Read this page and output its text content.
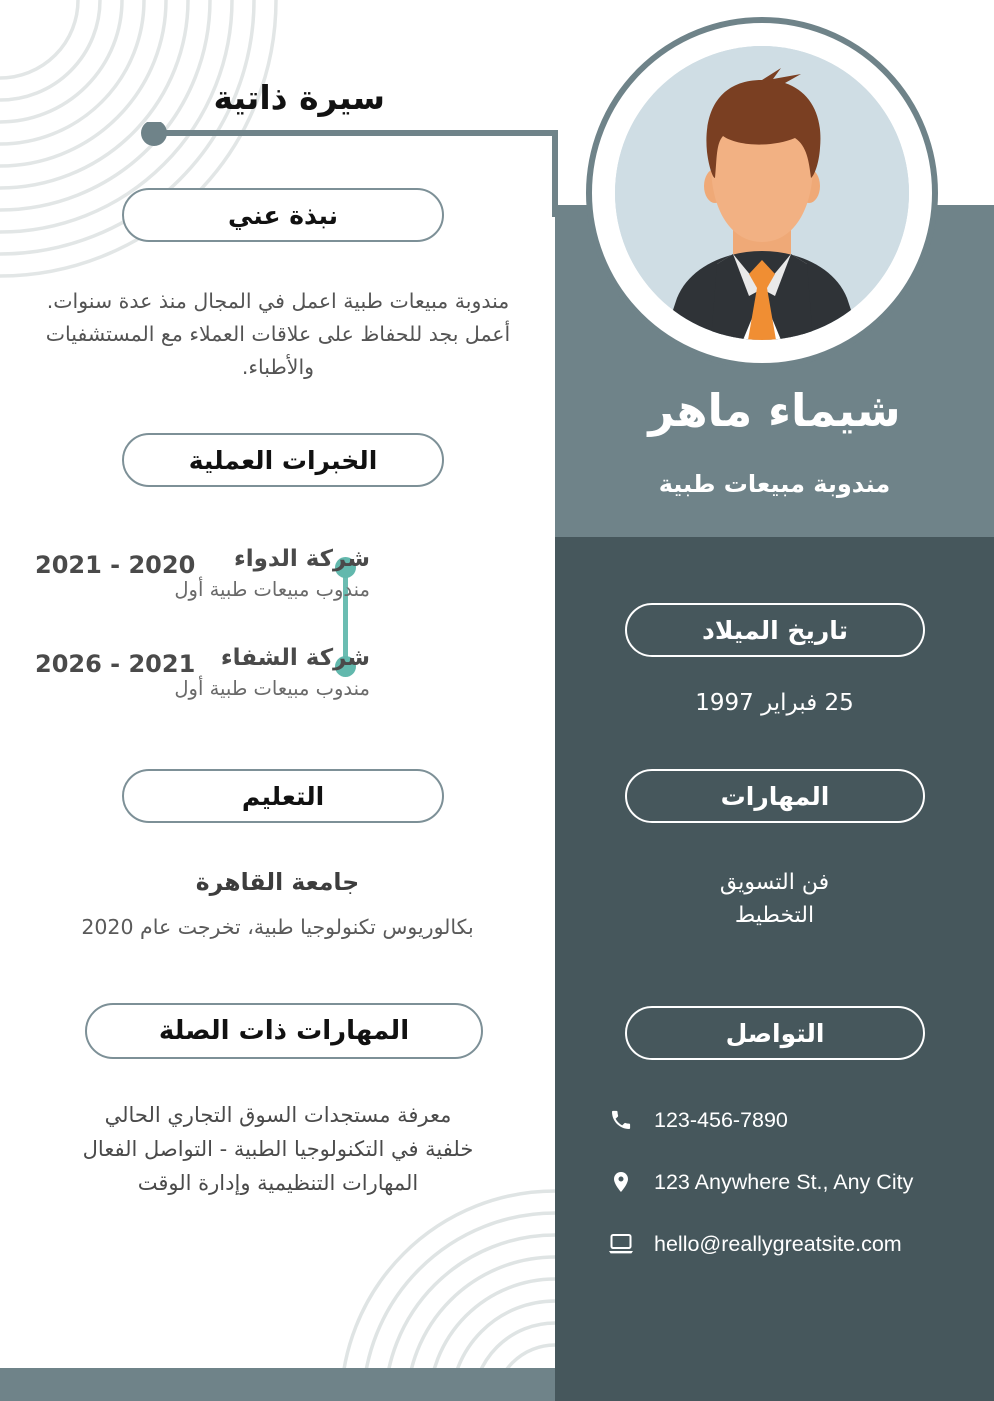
سيرة ذاتية
نبذة عني
مندوبة مبيعات طبية اعمل في المجال منذ عدة سنوات. أعمل بجد للحفاظ على علاقات العملاء مع المستشفيات والأطباء.
الخبرات العملية
شركة الدواء
مندوب مبيعات طبية أول
2021 - 2020
شركة الشفاء
مندوب مبيعات طبية أول
2026 - 2021
التعليم
جامعة القاهرة
بكالوريوس تكنولوجيا طبية، تخرجت عام 2020
المهارات ذات الصلة
معرفة مستجدات السوق التجاري الحالي
خلفية في التكنولوجيا الطبية - التواصل الفعال
المهارات التنظيمية وإدارة الوقت
شيماء ماهر
مندوبة مبيعات طبية
تاريخ الميلاد
25 فبراير 1997
المهارات
فن التسويق
التخطيط
التواصل
123-456-7890
123 Anywhere St., Any City
hello@reallygreatsite.com
